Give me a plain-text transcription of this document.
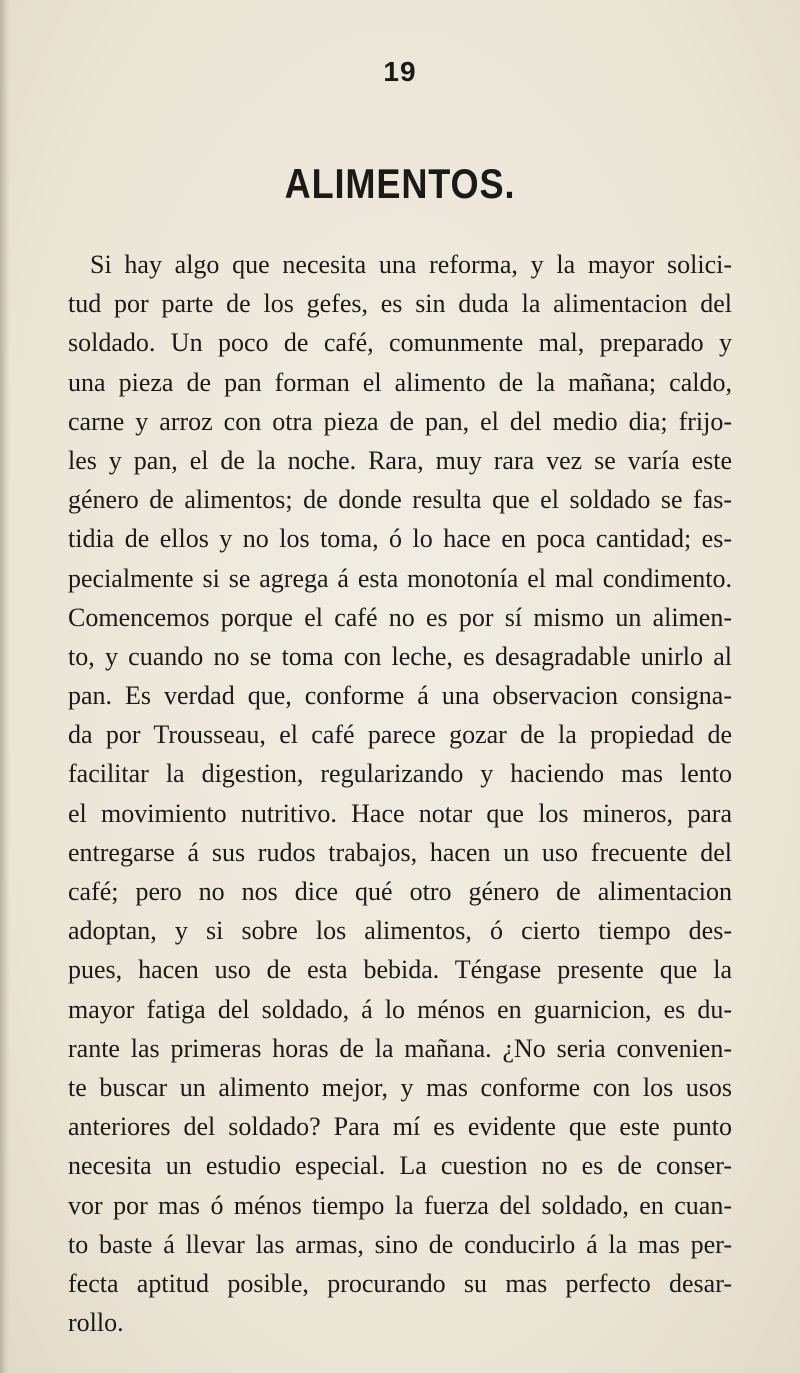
19
ALIMENTOS.

Si hay algo que necesita una reforma, y la mayor solici-
tud por parte de los gefes, es sin duda la alimentacion del
soldado. Un poco de café, comunmente mal, preparado y
una pieza de pan forman el alimento de la mañana; caldo,
carne y arroz con otra pieza de pan, el del medio dia; frijo-
les y pan, el de la noche. Rara, muy rara vez se varía este
género de alimentos; de donde resulta que el soldado se fas-
tidia de ellos y no los toma, ó lo hace en poca cantidad; es-
pecialmente si se agrega á esta monotonía el mal condimento.
Comencemos porque el café no es por sí mismo un alimen-
to, y cuando no se toma con leche, es desagradable unirlo al
pan. Es verdad que, conforme á una observacion consigna-
da por Trousseau, el café parece gozar de la propiedad de
facilitar la digestion, regularizando y haciendo mas lento
el movimiento nutritivo. Hace notar que los mineros, para
entregarse á sus rudos trabajos, hacen un uso frecuente del
café; pero no nos dice qué otro género de alimentacion
adoptan, y si sobre los alimentos, ó cierto tiempo des-
pues, hacen uso de esta bebida. Téngase presente que la
mayor fatiga del soldado, á lo ménos en guarnicion, es du-
rante las primeras horas de la mañana. ¿No seria convenien-
te buscar un alimento mejor, y mas conforme con los usos
anteriores del soldado? Para mí es evidente que este punto
necesita un estudio especial. La cuestion no es de conser-
vor por mas ó ménos tiempo la fuerza del soldado, en cuan-
to baste á llevar las armas, sino de conducirlo á la mas per-
fecta aptitud posible, procurando su mas perfecto desar-
rollo.
